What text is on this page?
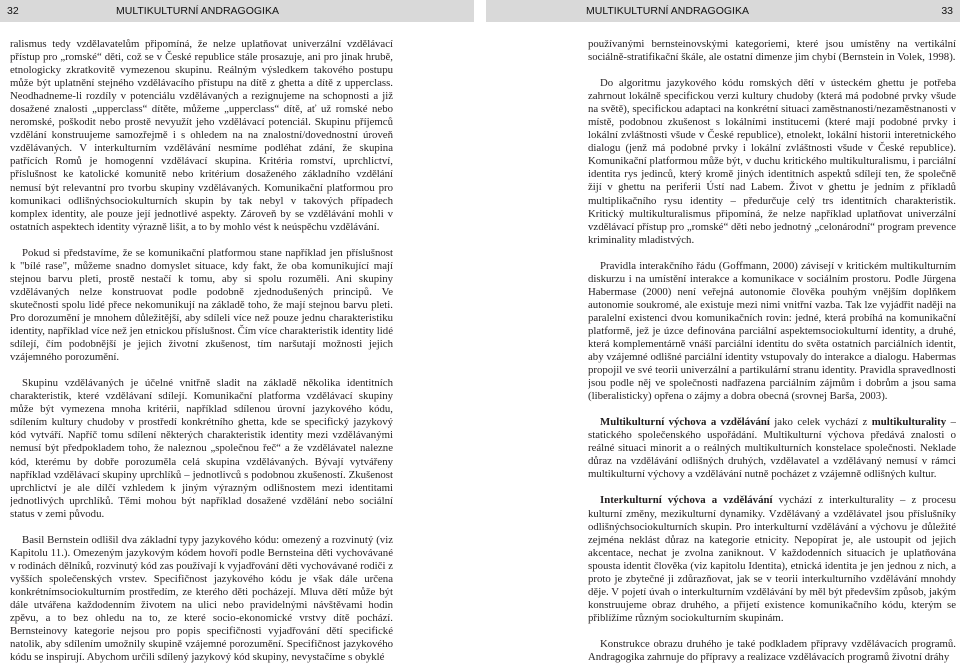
32	MULTIKULTURNÍ ANDRAGOGIKA	MULTIKULTURNÍ ANDRAGOGIKA	33

ralismus tedy vzdělavatelům připomíná, že nelze uplatňovat univerzální vzdělávací přístup pro „romské“ děti, což se v České republice stále prosazuje, ani pro jinak hrubě, etnologicky zkratkovitě vymezenou skupinu. Reálným výsledkem takového postupu může být uplatnění stejného vzdělávacího přístupu na dítě z ghetta a dítě z upperclass. Neodhadneme-li rozdíly v potenciálu vzdělávaných a rezignujeme na schopnosti a již dosažené znalosti „upperclass“ dítěte, můžeme „upperclass“ dítě, ať už romské nebo neromské, poškodit nebo prostě nevyužít jeho vzdělávací potenciál. Skupinu příjemců vzdělání konstruujeme samozřejmě i s ohledem na na znalostní/dovednostní úroveň vzdělávaných. V interkulturním vzdělávání nesmíme podléhat zdání, že skupina patřících Romů je homogenní vzdělávací skupina. Kritéria romství, uprchlictví, příslušnost ke katolické komunitě nebo kritérium dosaženého základního vzdělání nemusí být relevantní pro tvorbu skupiny vzdělávaných. Komunikační platformou pro komunikaci odlišnýchsociokulturních skupin by tak nebyl v takových případech komplex identity, ale pouze její jednotlivé aspekty. Zároveň by se vzdělávání mohli v ostatních aspektech identity výrazně lišit, a to by mohlo vést k neúspěchu vzdělávání.

Pokud si představíme, že se komunikační platformou stane například jen příslušnost k "bílé rase", můžeme snadno domyslet situace, kdy fakt, že oba komunikující mají stejnou barvu pleti, prostě nestačí k tomu, aby si spolu rozuměli. Ani skupiny vzdělávaných nelze konstruovat podle podobně zjednodušených principů. Ve skutečnosti spolu lidé přece nekomunikují na základě toho, že mají stejnou barvu pleti. Pro dorozumění je mnohem důležitější, aby sdíleli více než pouze jednu charakteristiku identity, například více než jen etnickou příslušnost. Čím více charakteristik identity lidé sdílejí, čím podobnější je jejich životní zkušenost, tím naršutají možnosti jejich vzájemného porozumění.

Skupinu vzdělávaných je účelné vnitřně sladit na základě několika identitních charakteristik, které vzdělávaní sdílejí. Komunikační platforma vzdělávací skupiny může být vymezena mnoha kritérii, například sdílenou úrovní jazykového kódu, sdílením kultury chudoby v prostředí konkrétního ghetta, kde se specifický jazykový kód vytváří. Napříč tomu sdílení některých charakteristik identity mezi vzdělávanými nemusí být předpokladem toho, že naleznou „společnou řeč“ a že vzdělávatel nalezne kód, kterému by dobře porozuměla celá skupina vzdělávaných. Bývají vytvářeny například vzdělávací skupiny uprchlíků – jednotlivců s podobnou zkušeností. Zkušenost uprchlictví je ale dílčí vzhledem k jiným výrazným odlišnostem mezi identitami jednotlivých uprchlíků. Těmi mohou být například dosažené vzdělání nebo sociální status v zemi původu.

Basil Bernstein odlišil dva základní typy jazykového kódu: omezený a rozvinutý (viz Kapitolu 11.). Omezeným jazykovým kódem hovoří podle Bernsteina děti vychovávané v rodinách dělníků, rozvinutý kód zas používají k vyjadřování děti vychovávané rodiči z vyšších společenských vrstev. Specifičnost jazykového kódu je však dále určena konkrétnímsociokulturním prostředím, ze kterého děti pocházejí. Mluva dětí může být dále utvářena každodenním životem na ulici nebo pravidelnými návštěvami hodin zpěvu, a to bez ohledu na to, ze které socio-ekonomické vrstvy dítě pochází. Bernsteinovy kategorie nejsou pro popis specifičnosti vyjadřování dětí specifické natolik, aby sdílením umožnily skupině vzájemné porozumění. Specifičnost jazykového kódu se inspirují. Abychom určili sdílený jazykový kód skupiny, nevystačíme s obyklé

používanými bernsteinovskými kategoriemi, které jsou umístěny na vertikální sociálně-stratifikační škále, ale ostatní dimenze jim chybí (Bernstein in Volek, 1998).

Do algoritmu jazykového kódu romských dětí v ústeckém ghettu je potřeba zahrnout lokálně specifickou verzi kultury chudoby (která má podobné prvky všude na světě), specifickou adaptaci na konkrétní situaci zaměstnanosti/nezaměstnanosti v místě, podobnou zkušenost s lokálními institucemi (které mají podobné prvky i lokální zvláštnosti všude v České republice), etnolekt, lokální historii interetnického dialogu (jenž má podobné prvky i lokální zvláštnosti všude v České republice). Komunikační platformou může být, v duchu kritického multikulturalismu, i parciální identita rys jedinců, který kromě jiných identitních aspektů sdílejí ten, že společně žijí v ghettu na periferii Ústí nad Labem. Život v ghettu je jedním z příkladů multiplikačního rysu identity – předurčuje celý trs identitních charakteristik. Kritický multikulturalismus připomíná, že nelze například uplatňovat univerzální vzdělávací přístup pro „romské“ děti nebo jednotný „celonárodní“ program prevence kriminality mladistvých.

Pravidla interakčního řádu (Goffmann, 2000) závisejí v kritickém multikulturním diskurzu i na umístění interakce a komunikace v sociálním prostoru. Podle Jürgena Habermase (2000) není veřejná autonomie člověka pouhým vnějším doplňkem autonomie soukromé, ale existuje mezi nimi vnitřní vazba. Tak lze vyjádřit naději na paralelní existenci dvou komunikačních rovin: jedné, která probíhá na komunikační platformě, jež je úzce definována parciální aspektemsociokulturní identity, a druhé, která komplementárně vnáší parciální identitu do světa ostatních parciálních identit, aby vzájemné odlišné parciální identity vstupovaly do interakce a dialogu. Habermas propojil ve své teorii univerzální a partikulární stranu identity. Pravidla spravedlnosti jsou podle něj ve společnosti nadřazena parciálním zájmům i dobrům a jsou sama (liberalisticky) opřena o zájmy a dobra obecná (srovnej Barša, 2003).

Multikulturní výchova a vzdělávání jako celek vychází z multikulturality – statického společenského uspořádání. Multikulturní výchova předává znalosti o reálné situaci minorit a o reálných multikulturních konstelace společnosti. Neklade důraz na vzdělávání odlišných druhých, vzdělavatel a vzdělávaný nemusí v rámci multikulturní výchovy a vzdělávání nutně pocházet z vzájemně odlišných kultur.

Interkulturní výchova a vzdělávání vychází z interkulturality – z procesu kulturní změny, mezikulturní dynamiky. Vzdělávaný a vzdělávatel jsou příslušníky odlišnýchsociokulturních skupin. Pro interkulturní vzdělávání a výchovu je důležité zejména neklást důraz na kategorie etnicity. Nepopírat je, ale ustoupit od jejich akcentace, nechat je zvolna zaniknout. V každodenních situacích je uplatňována spousta identit člověka (viz kapitolu Identita), etnická identita je jen jednou z nich, a proto je zbytečné ji zdůrazňovat, jak se v teorii interkulturního vzdělávání mnohdy děje. V pojetí úvah o interkulturním vzdělávání by měl být především způsob, jakým konstruujeme obraz druhého, a přijetí existence komunikačního kódu, kterým se přiblížíme různým sociokulturním skupinám.

Konstrukce obrazu druhého je také podkladem přípravy vzdělávacích programů. Andragogika zahrnuje do přípravy a realizace vzdělávacích programů životní dráhy
